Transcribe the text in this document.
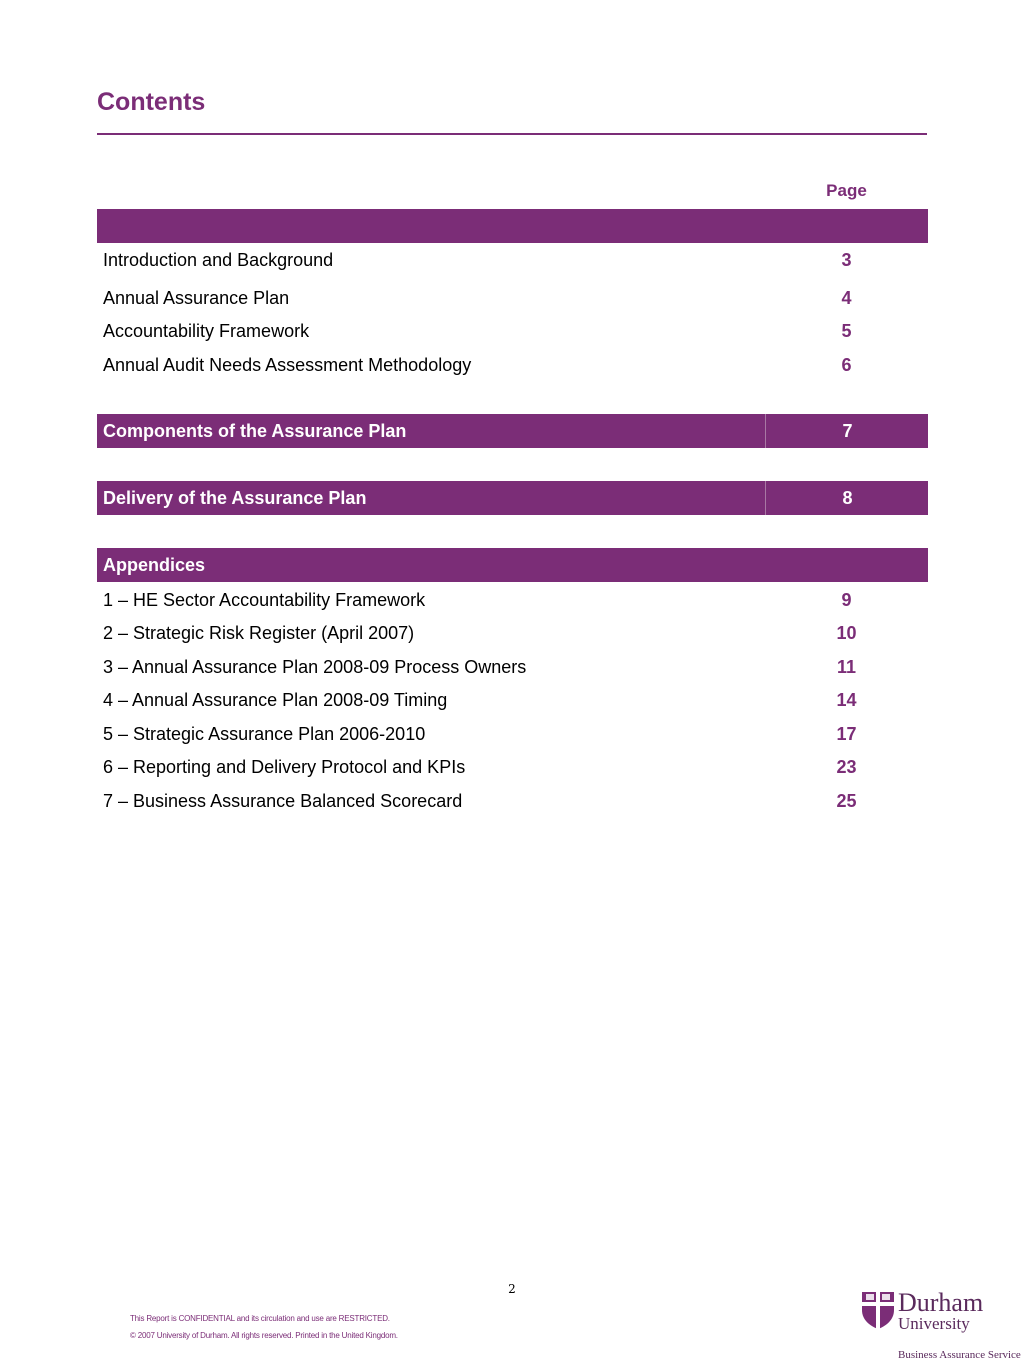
Contents
Page
Introduction and Background	3
Annual Assurance Plan	4
Accountability Framework	5
Annual Audit Needs Assessment Methodology	6
Components of the Assurance Plan	7
Delivery of the Assurance Plan	8
Appendices
1 – HE Sector Accountability Framework	9
2 – Strategic Risk Register (April 2007)	10
3 – Annual Assurance Plan 2008-09 Process Owners	11
4 – Annual Assurance Plan 2008-09 Timing	14
5 – Strategic Assurance Plan 2006-2010	17
6 – Reporting and Delivery Protocol and KPIs	23
7 – Business Assurance Balanced Scorecard	25
2
This Report is CONFIDENTIAL and its circulation and use are RESTRICTED.
© 2007 University of Durham. All rights reserved. Printed in the United Kingdom.
Durham
University
Business Assurance Service
